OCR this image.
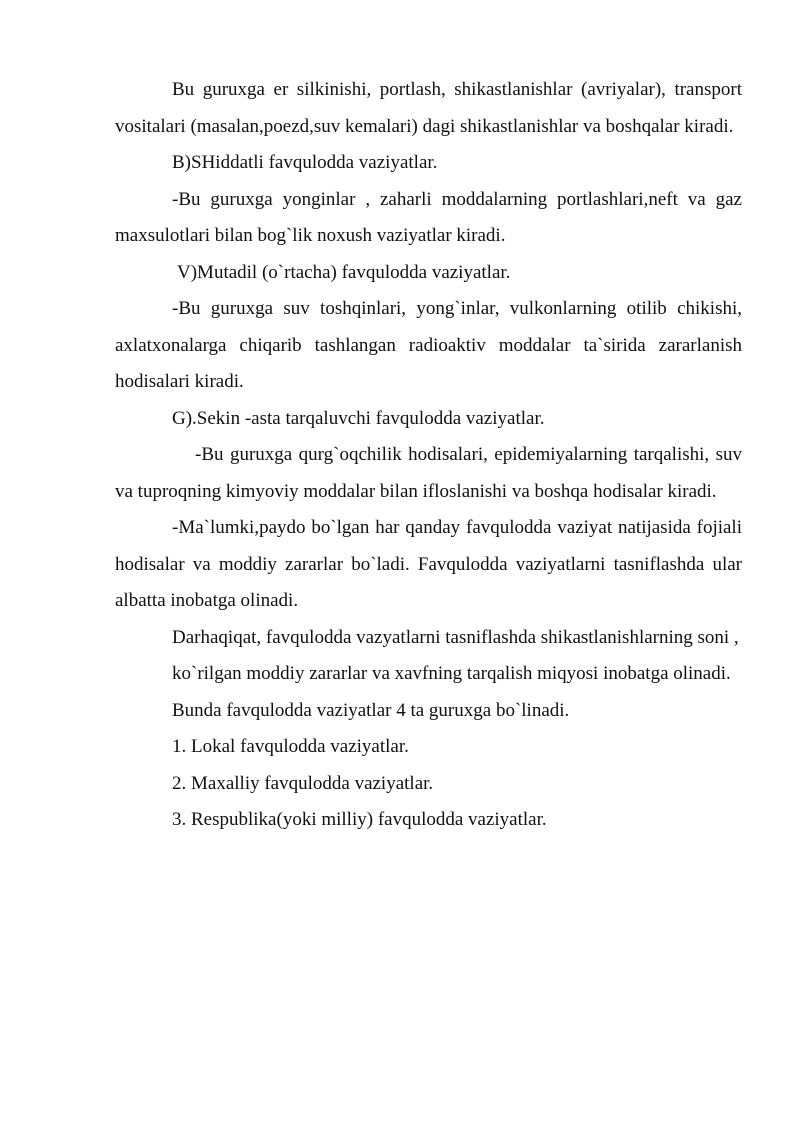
Bu guruxga er silkinishi, portlash, shikastlanishlar (avriyalar), transport vositalari (masalan,poezd,suv kemalari) dagi shikastlanishlar va boshqalar kiradi.

B)SHiddatli favqulodda vaziyatlar.

-Bu guruxga yonginlar , zaharli moddalarning portlashlari,neft va gaz maxsulotlari bilan bog`lik noxush vaziyatlar kiradi.

V)Mutadil (o`rtacha) favqulodda vaziyatlar.

-Bu guruxga suv toshqinlari, yong`inlar, vulkonlarning otilib chikishi, axlatxonalarga chiqarib tashlangan radioaktiv moddalar ta`sirida zararlanish hodisalari kiradi.

G).Sekin -asta tarqaluvchi favqulodda vaziyatlar.

-Bu guruxga qurg`oqchilik hodisalari, epidemiyalarning tarqalishi, suv va tuproqning kimyoviy moddalar bilan ifloslanishi va boshqa hodisalar kiradi.

-Ma`lumki,paydo bo`lgan har qanday favqulodda vaziyat natijasida fojiali hodisalar va moddiy zararlar bo`ladi. Favqulodda vaziyatlarni tasniflashda ular albatta inobatga olinadi.

Darhaqiqat, favqulodda vazyatlarni tasniflashda shikastlanishlarning soni ,

ko`rilgan moddiy zararlar va xavfning tarqalish miqyosi inobatga olinadi.

Bunda favqulodda vaziyatlar 4 ta guruxga bo`linadi.

1. Lokal favqulodda vaziyatlar.

2. Maxalliy favqulodda vaziyatlar.

3. Respublika(yoki milliy) favqulodda vaziyatlar.
